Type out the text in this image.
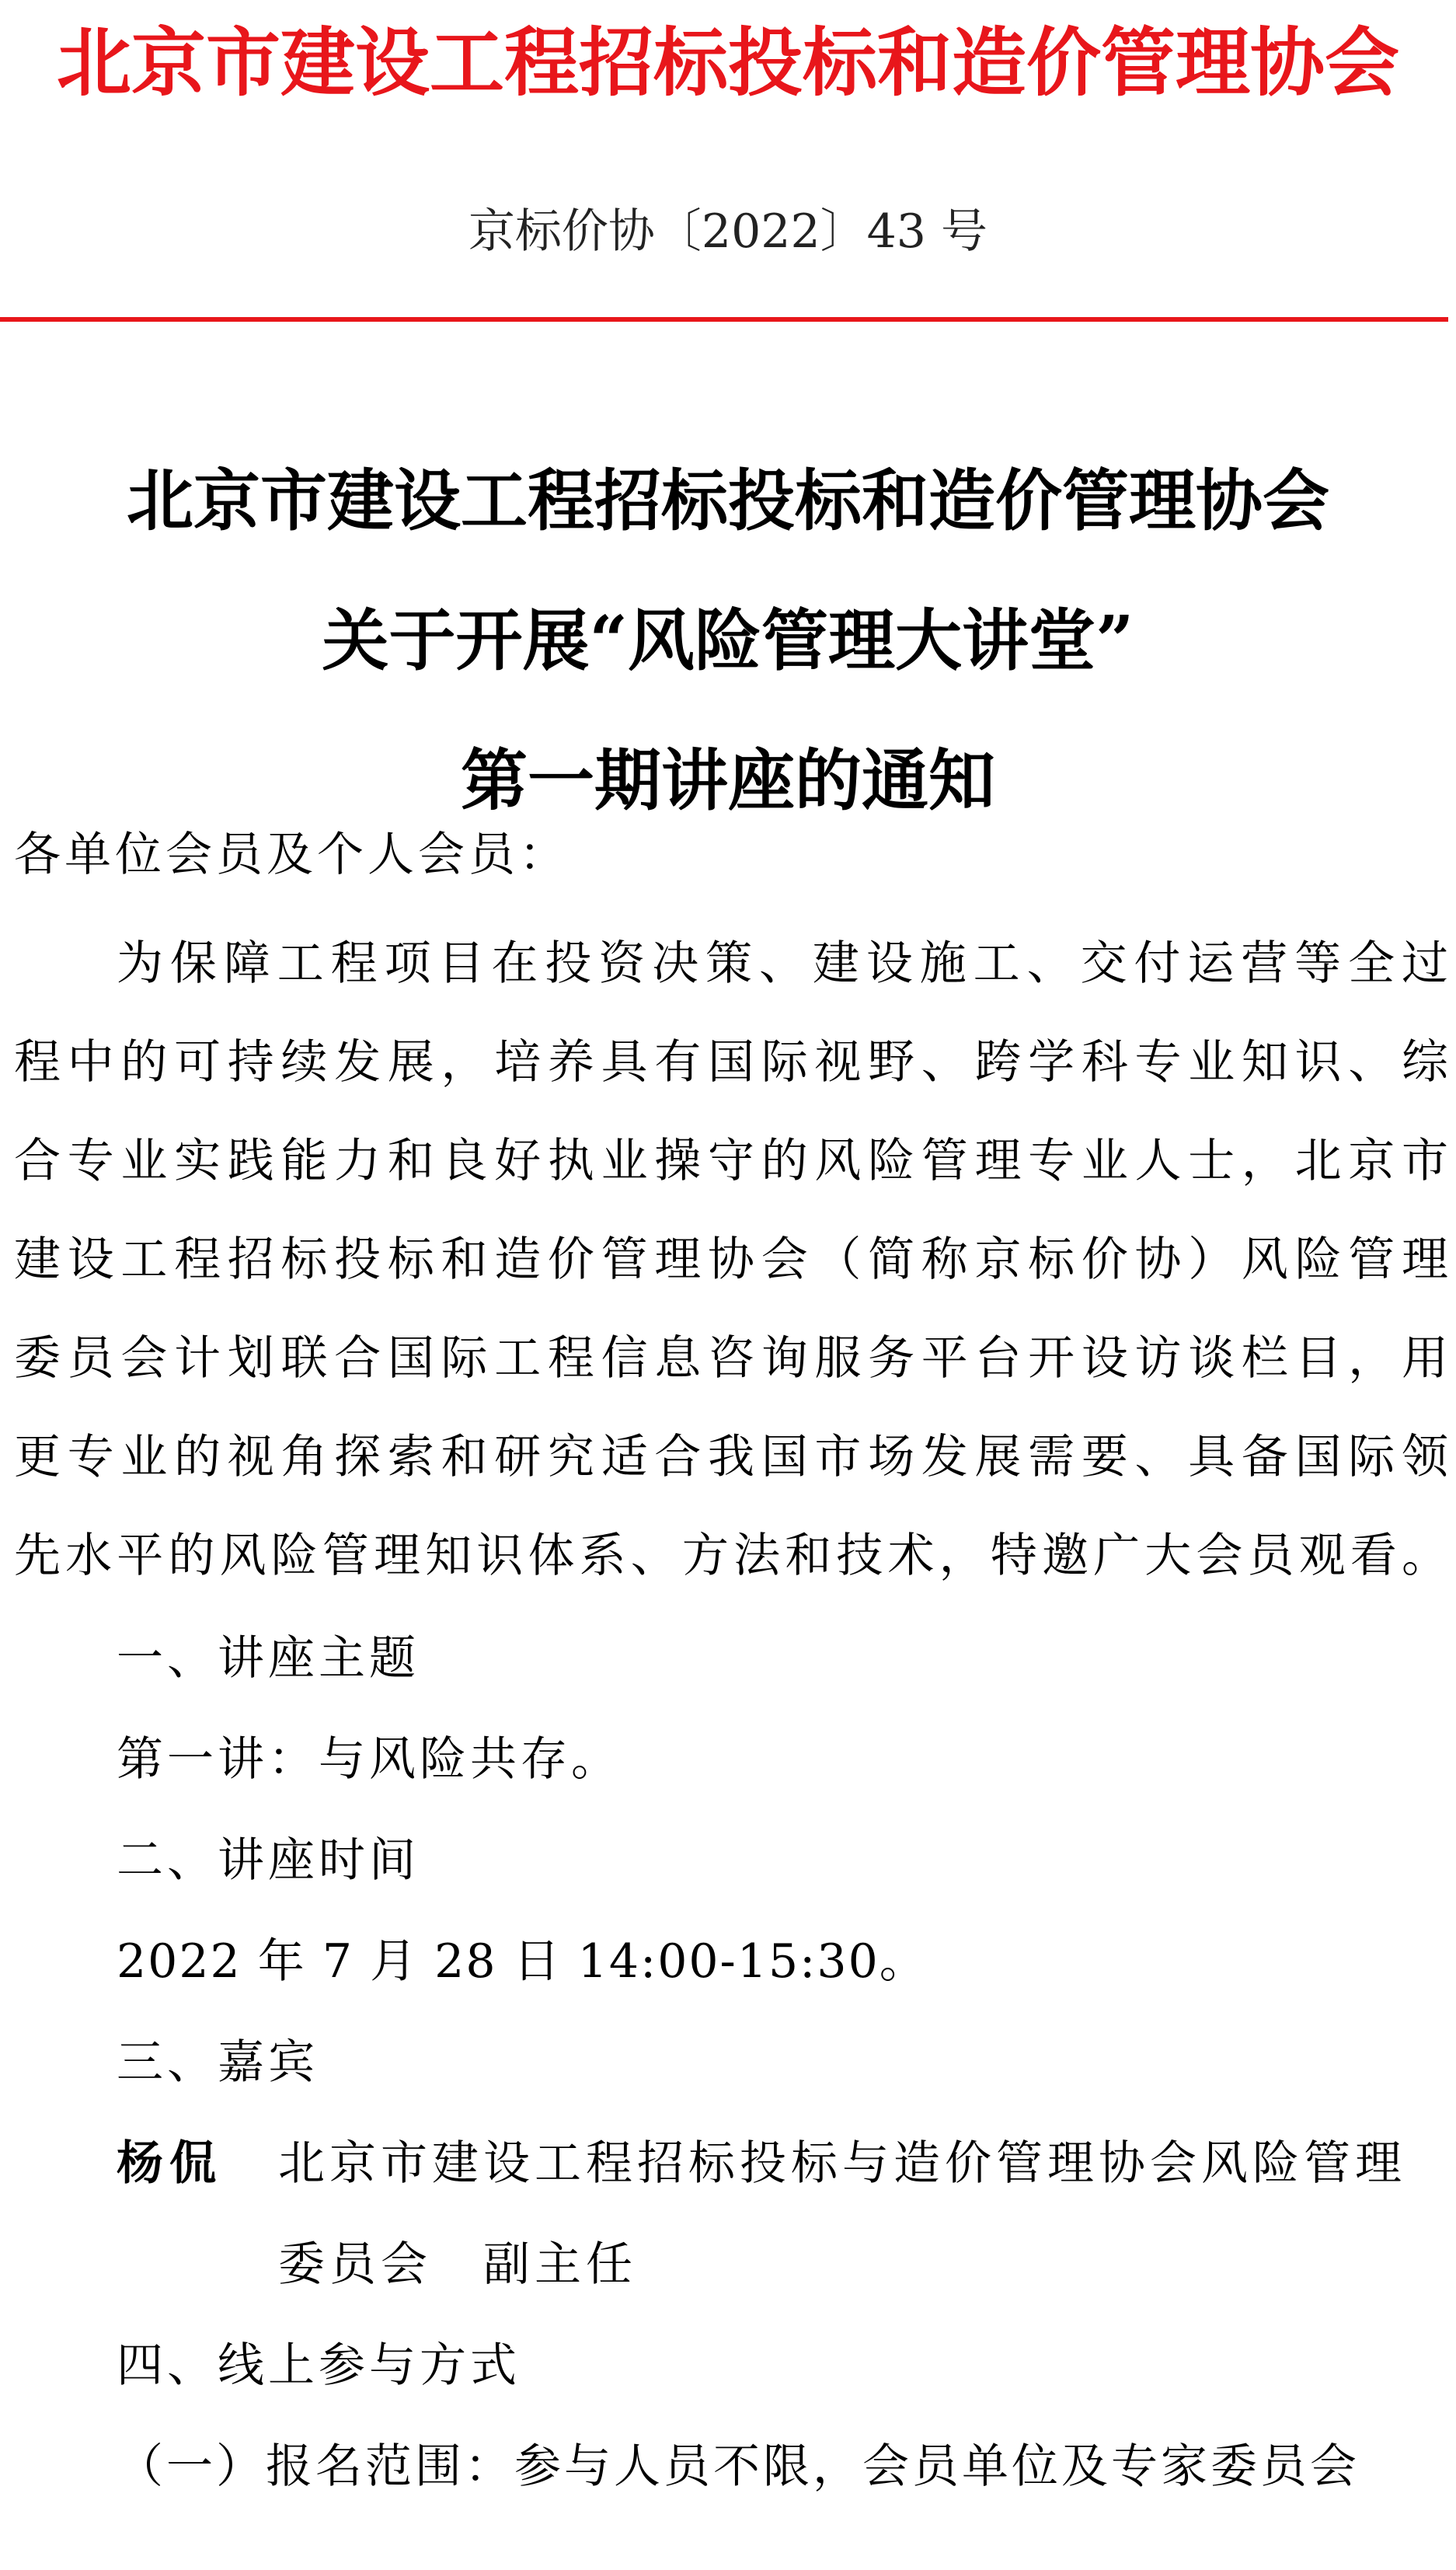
北京市建设工程招标投标和造价管理协会
京标价协〔2022〕43 号
北京市建设工程招标投标和造价管理协会
关于开展“风险管理大讲堂”
第一期讲座的通知
各单位会员及个人会员：
为保障工程项目在投资决策、建设施工、交付运营等全过
程中的可持续发展，培养具有国际视野、跨学科专业知识、综
合专业实践能力和良好执业操守的风险管理专业人士，北京市
建设工程招标投标和造价管理协会（简称京标价协）风险管理
委员会计划联合国际工程信息咨询服务平台开设访谈栏目，用
更专业的视角探索和研究适合我国市场发展需要、具备国际领
先水平的风险管理知识体系、方法和技术，特邀广大会员观看。
一、讲座主题
第一讲：与风险共存。
二、讲座时间
2022 年 7 月 28 日 14:00-15:30。
三、嘉宾
杨侃 北京市建设工程招标投标与造价管理协会风险管理
委员会　副主任
四、线上参与方式
（一）报名范围：参与人员不限，会员单位及专家委员会
